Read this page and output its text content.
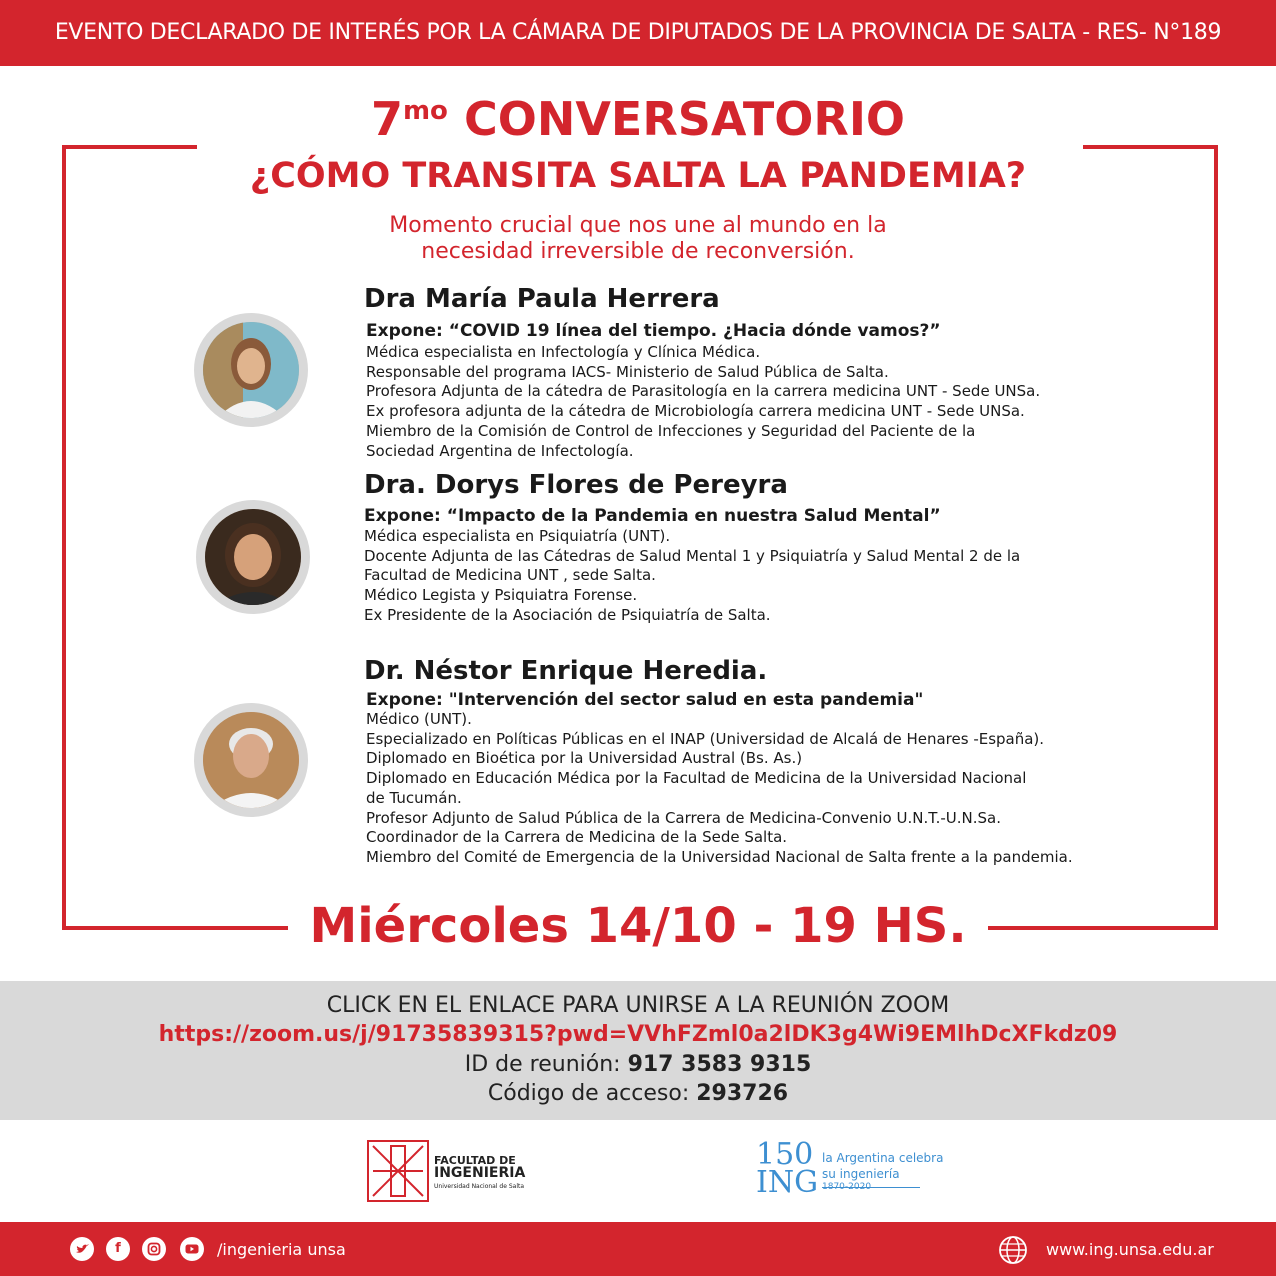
EVENTO DECLARADO DE INTERÉS POR LA CÁMARA DE DIPUTADOS DE LA PROVINCIA DE SALTA - RES- N°189
$7^{mo}$ CONVERSATORIO
¿CÓMO TRANSITA SALTA LA PANDEMIA?
Momento crucial que nos une al mundo en la
necesidad irreversible de reconversión.
Dra María Paula Herrera
Expone: “COVID 19 línea del tiempo. ¿Hacia dónde vamos?”
Médica especialista en Infectología y Clínica Médica.
Responsable del programa IACS- Ministerio de Salud Pública de Salta.
Profesora Adjunta de la cátedra de Parasitología en la carrera medicina UNT - Sede UNSa.
Ex profesora adjunta de la cátedra de Microbiología carrera medicina UNT - Sede UNSa.
Miembro de la Comisión de Control de Infecciones y Seguridad del Paciente de la
Sociedad Argentina de Infectología.
Dra. Dorys Flores de Pereyra
Expone: “Impacto de la Pandemia en nuestra Salud Mental”
Médica especialista en Psiquiatría (UNT).
Docente Adjunta de las Cátedras de Salud Mental 1 y Psiquiatría y Salud Mental 2 de la
Facultad de Medicina UNT , sede Salta.
Médico Legista y Psiquiatra Forense.
Ex Presidente de la Asociación de Psiquiatría de Salta.
Dr. Néstor Enrique Heredia.
Expone: "Intervención del sector salud en esta pandemia"
Médico (UNT).
Especializado en Políticas Públicas en el INAP (Universidad de Alcalá de Henares -España).
Diplomado en Bioética por la Universidad Austral (Bs. As.)
Diplomado en Educación Médica por la Facultad de Medicina de la Universidad Nacional
de Tucumán.
Profesor Adjunto de Salud Pública de la Carrera de Medicina-Convenio U.N.T.-U.N.Sa.
Coordinador de la Carrera de Medicina de la Sede Salta.
Miembro del Comité de Emergencia de la Universidad Nacional de Salta frente a la pandemia.
Miércoles 14/10 - 19 HS.
CLICK EN EL ENLACE PARA UNIRSE A LA REUNIÓN ZOOM
https://zoom.us/j/91735839315?pwd=VVhFZml0a2lDK3g4Wi9EMlhDcXFkdz09
ID de reunión: 917 3583 9315
Código de acceso: 293726
FACULTAD DE
INGENIERIA
Universidad Nacional de Salta
150
ING
la Argentina celebra
su ingeniería
1870-2020
f	/ingenieria unsa	www.ing.unsa.edu.ar
